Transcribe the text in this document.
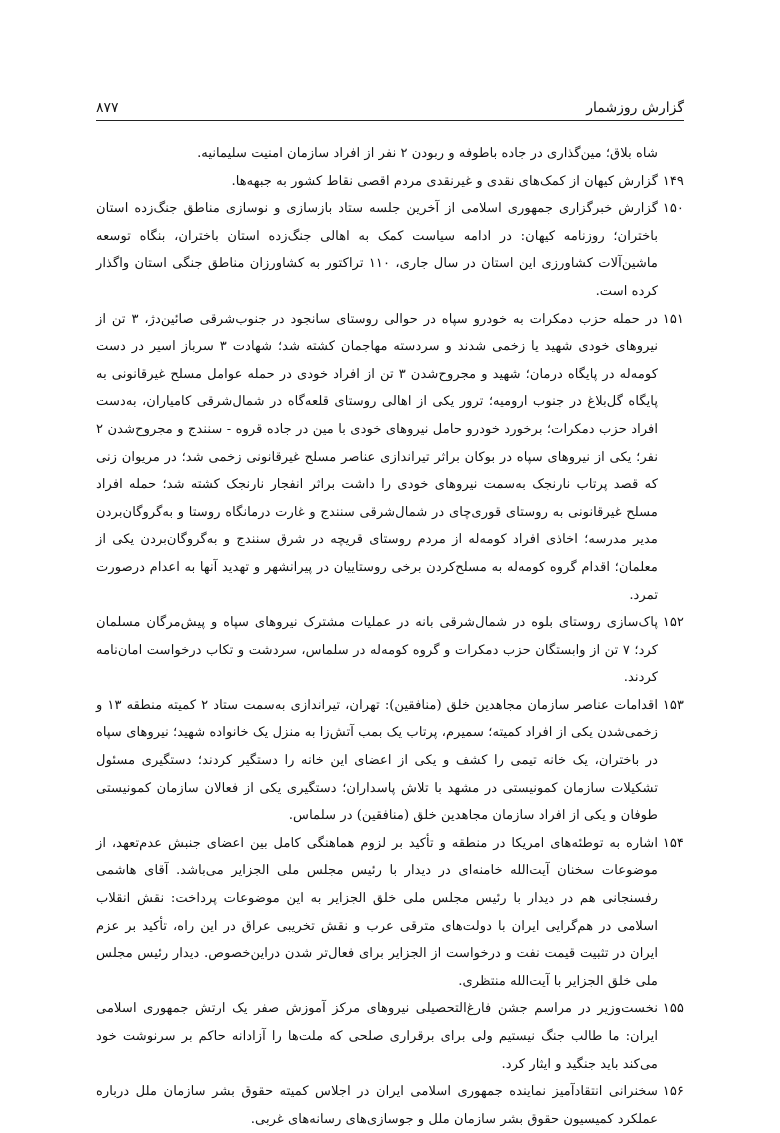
گزارش روزشمار
۸۷۷
شاه بلاق؛ مین‌گذاری در جاده باطوفه و ربودن ۲ نفر از افراد سازمان امنیت سلیمانیه.
۱۴۹
گزارش کیهان از کمک‌های نقدی و غیرنقدی مردم اقصی نقاط کشور به جبهه‌ها.
۱۵۰
گزارش خبرگزاری جمهوری اسلامی از آخرین جلسه ستاد بازسازی و نوسازی مناطق جنگ‌زده استان باختران؛ روزنامه‌ کیهان: در ادامه سیاست کمک به اهالی جنگ‌زده استان باختران، بنگاه توسعه ماشین‌آلات کشاورزی این استان در سال جاری، ۱۱۰ تراکتور به کشاورزان مناطق جنگی استان واگذار کرده است.
۱۵۱
در حمله حزب دمکرات به خودرو سپاه در حوالی روستای سانجود در جنوب‌شرقی صائین‌دژ، ۳ تن از نیروهای خودی شهید یا زخمی شدند و سردسته مهاجمان کشته شد؛ شهادت ۳ سرباز اسیر در دست کومه‌له در پایگاه درمان؛ شهید و مجروح‌شدن ۳ تن از افراد خودی در حمله عوامل مسلح غیرقانونی به پایگاه گل‌بلاغ در جنوب ارومیه؛ ترور یکی از اهالی روستای قلعه‌گاه در شمال‌شرقی کامیاران، به‌دست افراد حزب دمکرات؛ برخورد خودرو حامل نیروهای خودی با مین در جاده قروه - سنندج و مجروح‌شدن ۲ نفر؛ یکی از نیروهای سپاه در بوکان براثر تیراندازی عناصر مسلح غیرقانونی زخمی شد؛ در مریوان زنی که قصد پرتاب نارنجک به‌سمت نیروهای خودی را داشت براثر انفجار نارنجک کشته شد؛ حمله افراد مسلح غیرقانونی به روستای قوری‌چای در شمال‌شرقی سنندج و غارت درمانگاه روستا و به‌گروگان‌بردن مدیر مدرسه؛ اخاذی افراد کومه‌له از مردم روستای قریچه در شرق سنندج و به‌گروگان‌بردن یکی از معلمان؛ اقدام گروه کومه‌له به مسلح‌کردن برخی روستاییان در پیرانشهر و تهدید آنها به اعدام درصورت تمرد.
۱۵۲
پاک‌سازی روستای بلوه در شمال‌شرقی بانه در عملیات مشترک نیروهای سپاه و پیش‌مرگان مسلمان کرد؛ ۷ تن از وابستگان حزب دمکرات و گروه کومه‌له در سلماس، سردشت و تکاب درخواست امان‌نامه کردند.
۱۵۳
اقدامات عناصر سازمان مجاهدین خلق (منافقین): تهران، تیراندازی به‌سمت ستاد ۲ کمیته منطقه ۱۳ و زخمی‌شدن یکی از افراد کمیته؛ سمیرم، پرتاب یک بمب آتش‌زا به منزل یک خانواده شهید؛ نیروهای سپاه در باختران، یک خانه تیمی را کشف و یکی از اعضای این خانه را دستگیر کردند؛ دستگیری مسئول تشکیلات سازمان کمونیستی در مشهد با تلاش پاسداران؛ دستگیری یکی از فعالان سازمان کمونیستی طوفان و یکی از افراد سازمان مجاهدین خلق (منافقین) در سلماس.
۱۵۴
اشاره به توطئه‌های امریکا در منطقه و تأکید بر لزوم هماهنگی کامل بین اعضای جنبش عدم‌تعهد، از موضوعات سخنان آیت‌الله خامنه‌ای در دیدار با رئیس مجلس ملی الجزایر می‌باشد. آقای هاشمی رفسنجانی هم در دیدار با رئیس مجلس ملی خلق الجزایر به این موضوعات پرداخت: نقش انقلاب اسلامی در هم‌گرایی ایران با دولت‌های مترقی عرب و نقش تخریبی عراق در این راه، تأکید بر عزم ایران در تثبیت قیمت نفت و درخواست از الجزایر برای فعال‌تر شدن دراین‌خصوص. دیدار رئیس مجلس ملی خلق الجزایر با آیت‌الله منتظری.
۱۵۵
نخست‌وزیر در مراسم جشن فارغ‌التحصیلی نیروهای مرکز آموزش صفر یک ارتش جمهوری اسلامی ایران: ما طالب جنگ نیستیم ولی برای برقراری صلحی که ملت‌ها را آزادانه حاکم بر سرنوشت خود می‌کند باید جنگید و ایثار کرد.
۱۵۶
سخنرانی انتقادآمیز نماینده جمهوری اسلامی ایران در اجلاس کمیته حقوق بشر سازمان ملل درباره عملکرد کمیسیون حقوق بشر سازمان ملل و جوسازی‌های رسانه‌های غربی.
